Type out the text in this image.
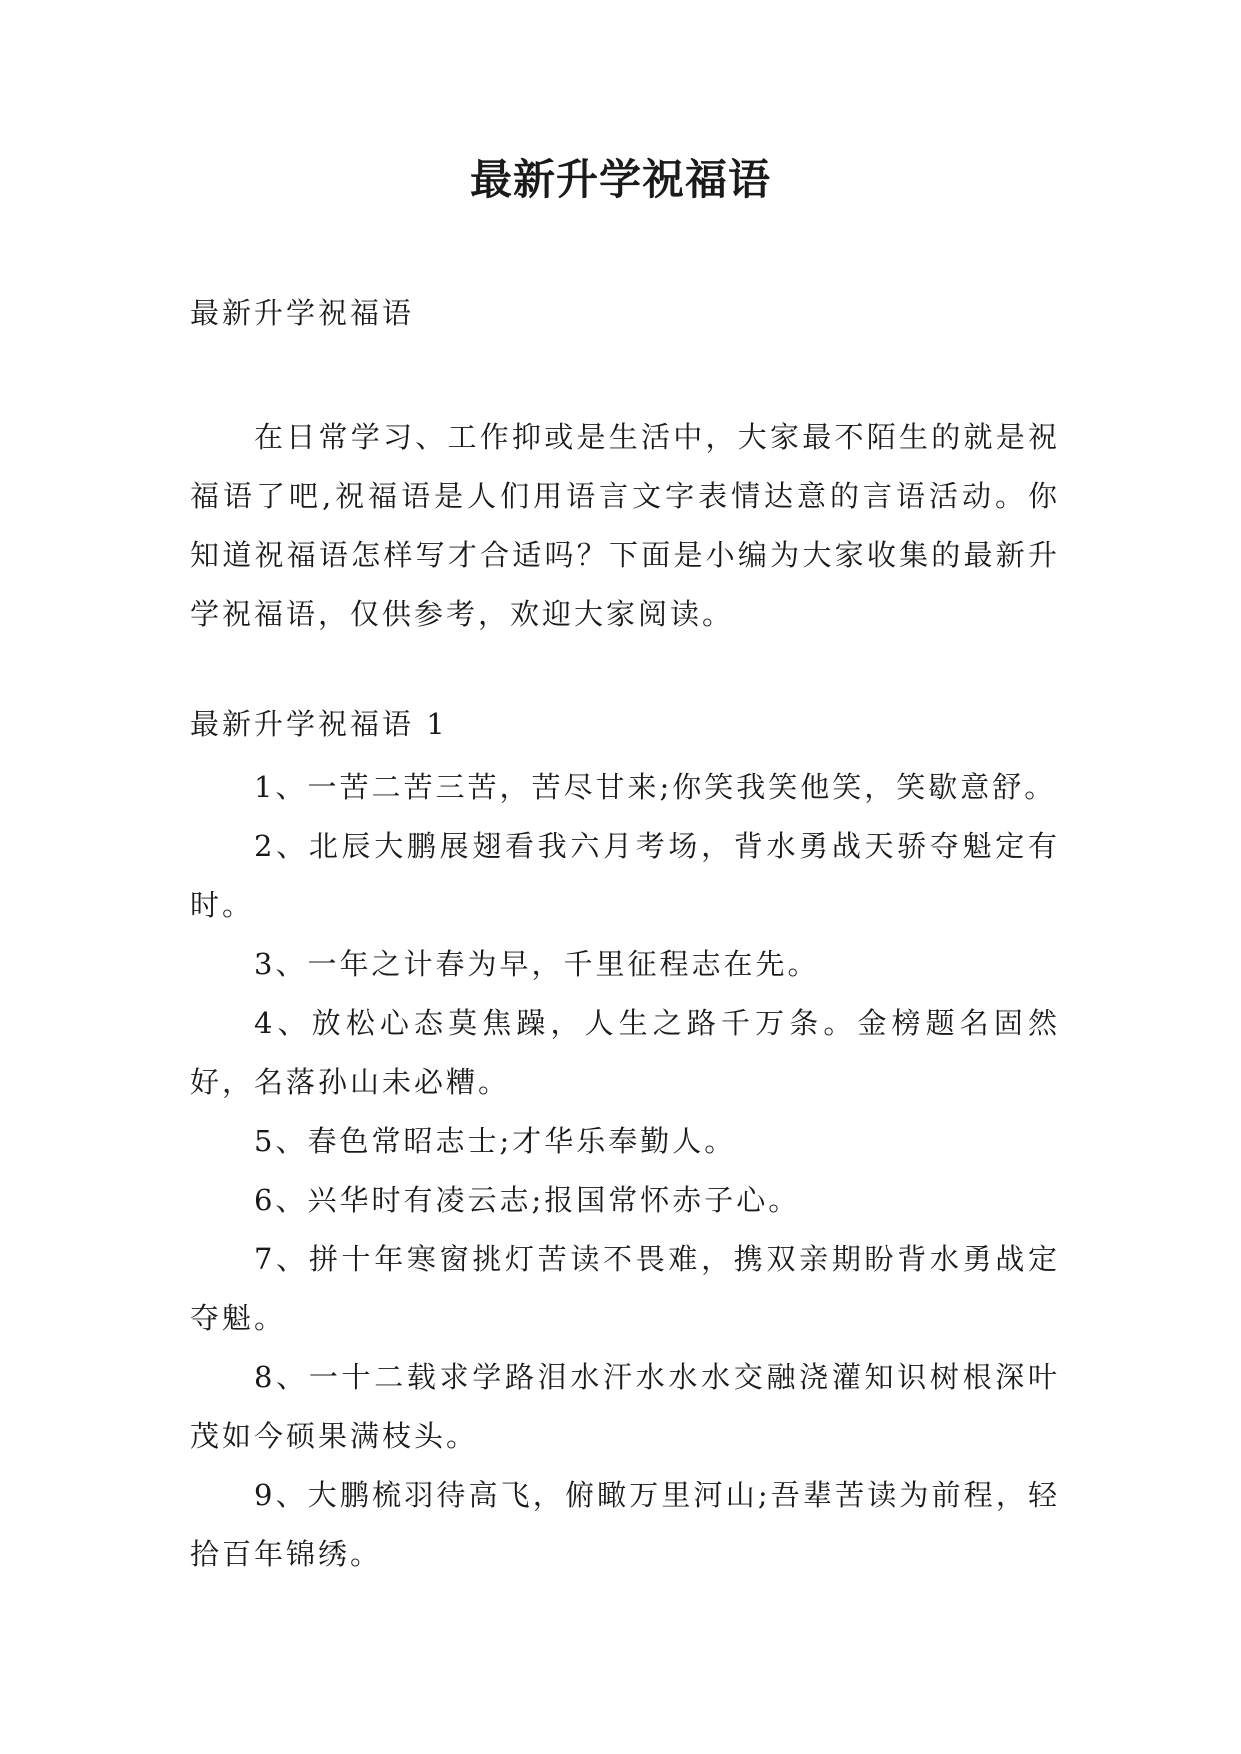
最新升学祝福语

最新升学祝福语

在日常学习、工作抑或是生活中，大家最不陌生的就是祝福语了吧,祝福语是人们用语言文字表情达意的言语活动。你知道祝福语怎样写才合适吗？下面是小编为大家收集的最新升学祝福语，仅供参考，欢迎大家阅读。

最新升学祝福语 1

1、一苦二苦三苦，苦尽甘来;你笑我笑他笑，笑歇意舒。
2、北辰大鹏展翅看我六月考场，背水勇战天骄夺魁定有时。
3、一年之计春为早，千里征程志在先。
4、放松心态莫焦躁，人生之路千万条。金榜题名固然好，名落孙山未必糟。
5、春色常昭志士;才华乐奉勤人。
6、兴华时有凌云志;报国常怀赤子心。
7、拼十年寒窗挑灯苦读不畏难，携双亲期盼背水勇战定夺魁。
8、一十二载求学路泪水汗水水水交融浇灌知识树根深叶茂如今硕果满枝头。
9、大鹏梳羽待高飞，俯瞰万里河山;吾辈苦读为前程，轻拾百年锦绣。
